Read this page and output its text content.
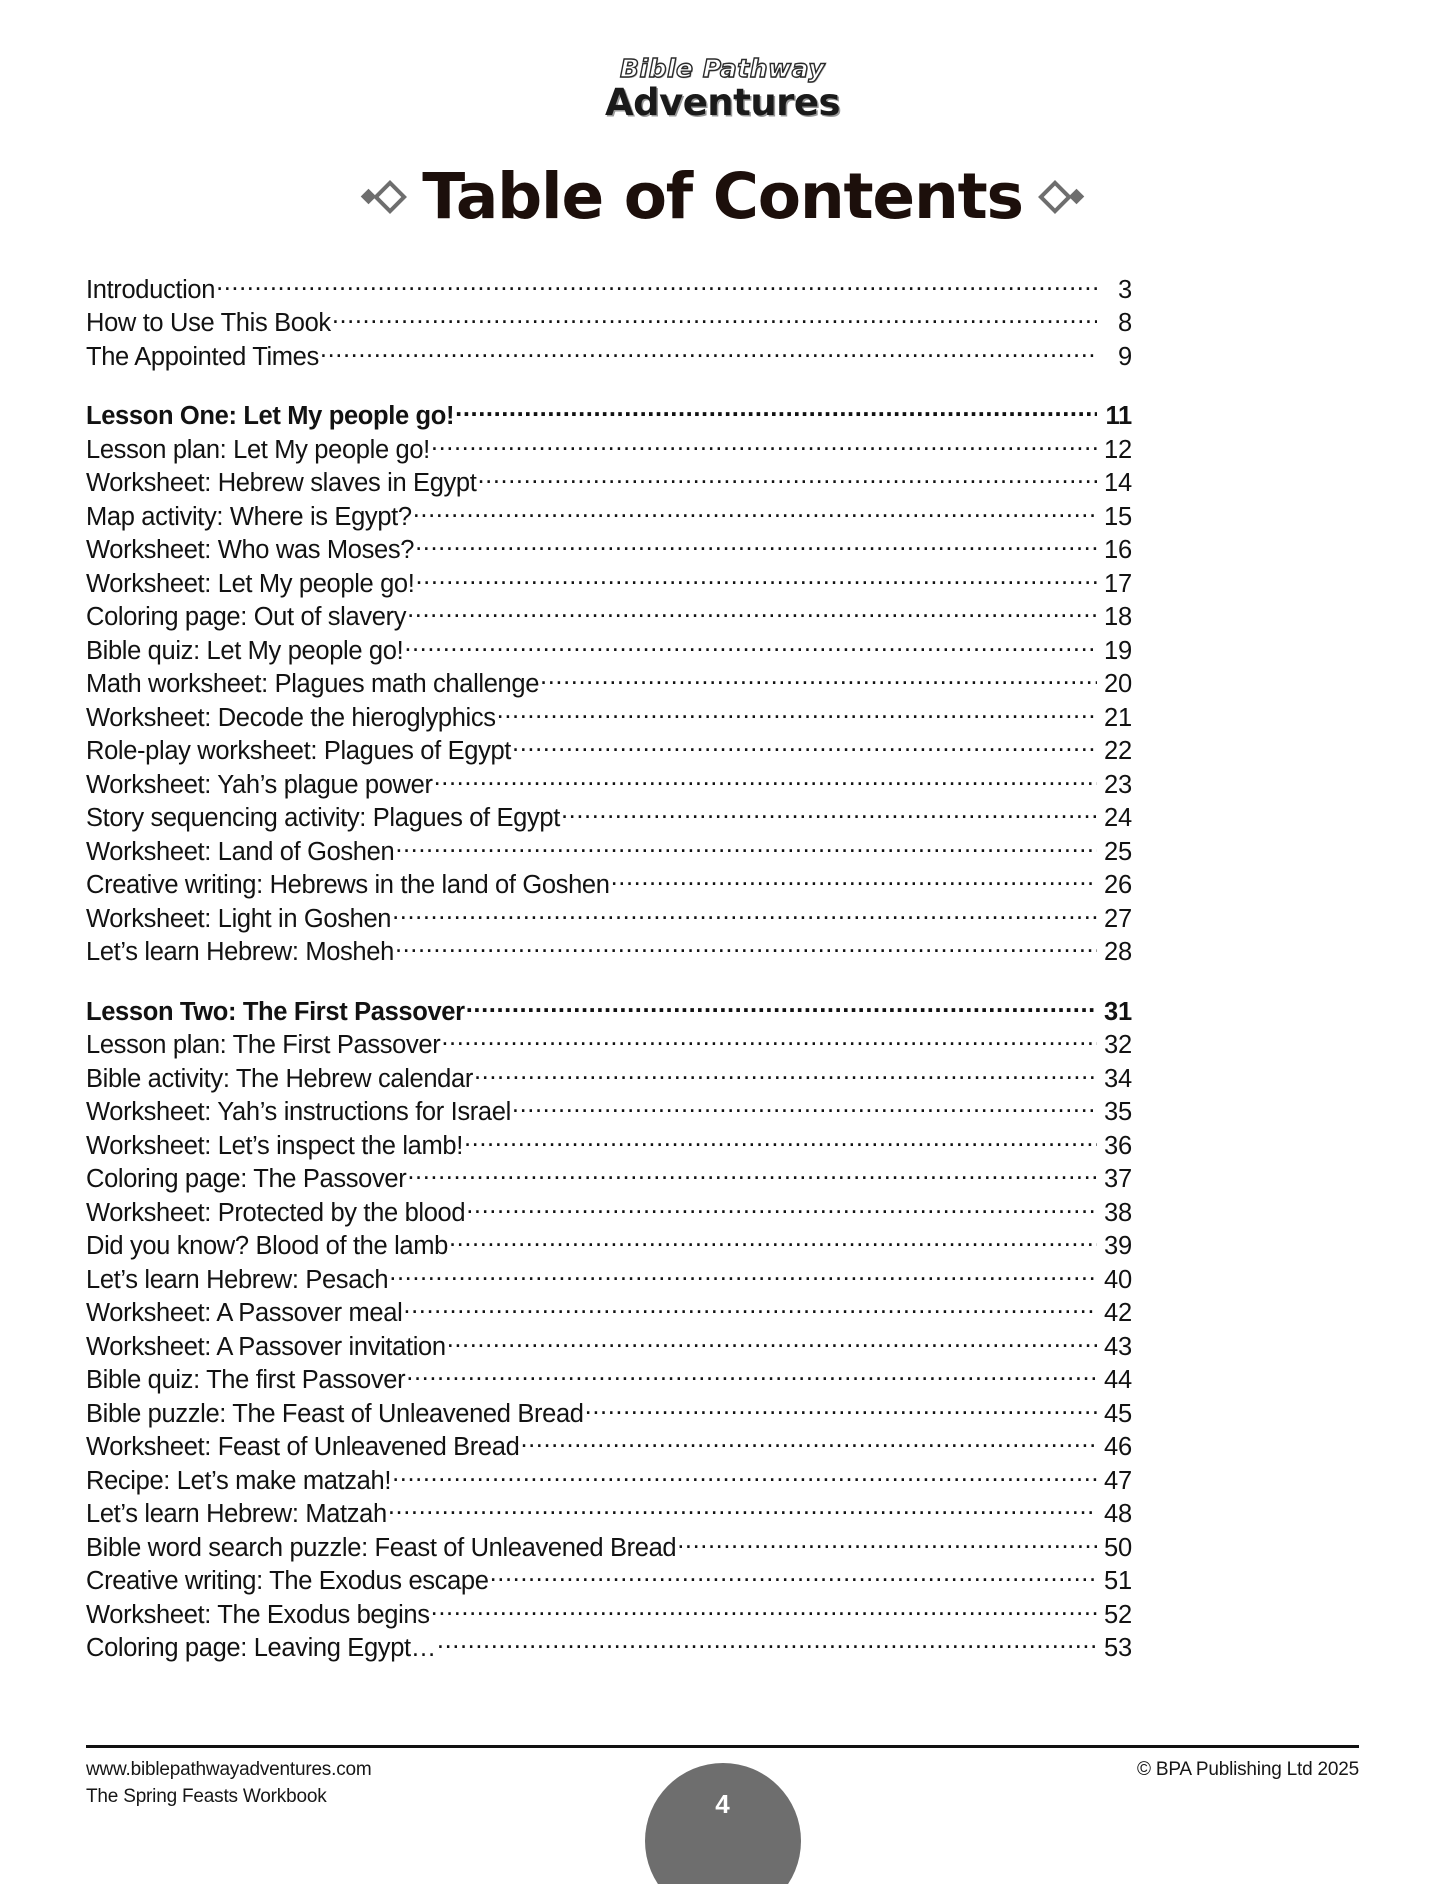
Bible Pathway
Adventures
Table of Contents
Introduction .....	3
How to Use This Book .....	8
The Appointed Times .....	9
Lesson One: Let My people go! .....	11
Lesson plan: Let My people go! .....	12
Worksheet: Hebrew slaves in Egypt .....	14
Map activity: Where is Egypt? .....	15
Worksheet: Who was Moses? .....	16
Worksheet: Let My people go! .....	17
Coloring page: Out of slavery .....	18
Bible quiz: Let My people go! .....	19
Math worksheet: Plagues math challenge .....	20
Worksheet: Decode the hieroglyphics .....	21
Role-play worksheet: Plagues of Egypt .....	22
Worksheet: Yah’s plague power .....	23
Story sequencing activity: Plagues of Egypt .....	24
Worksheet: Land of Goshen .....	25
Creative writing: Hebrews in the land of Goshen .....	26
Worksheet: Light in Goshen .....	27
Let’s learn Hebrew: Mosheh .....	28
Lesson Two: The First Passover .....	31
Lesson plan: The First Passover .....	32
Bible activity: The Hebrew calendar .....	34
Worksheet: Yah’s instructions for Israel .....	35
Worksheet: Let’s inspect the lamb! .....	36
Coloring page: The Passover .....	37
Worksheet: Protected by the blood .....	38
Did you know? Blood of the lamb .....	39
Let’s learn Hebrew: Pesach .....	40
Worksheet: A Passover meal .....	42
Worksheet: A Passover invitation .....	43
Bible quiz: The first Passover .....	44
Bible puzzle: The Feast of Unleavened Bread .....	45
Worksheet: Feast of Unleavened Bread .....	46
Recipe: Let’s make matzah! .....	47
Let’s learn Hebrew: Matzah .....	48
Bible word search puzzle: Feast of Unleavened Bread .....	50
Creative writing: The Exodus escape .....	51
Worksheet: The Exodus begins .....	52
Coloring page: Leaving Egypt… .....	53
www.biblepathwayadventures.com
The Spring Feasts Workbook
© BPA Publishing Ltd 2025
4
